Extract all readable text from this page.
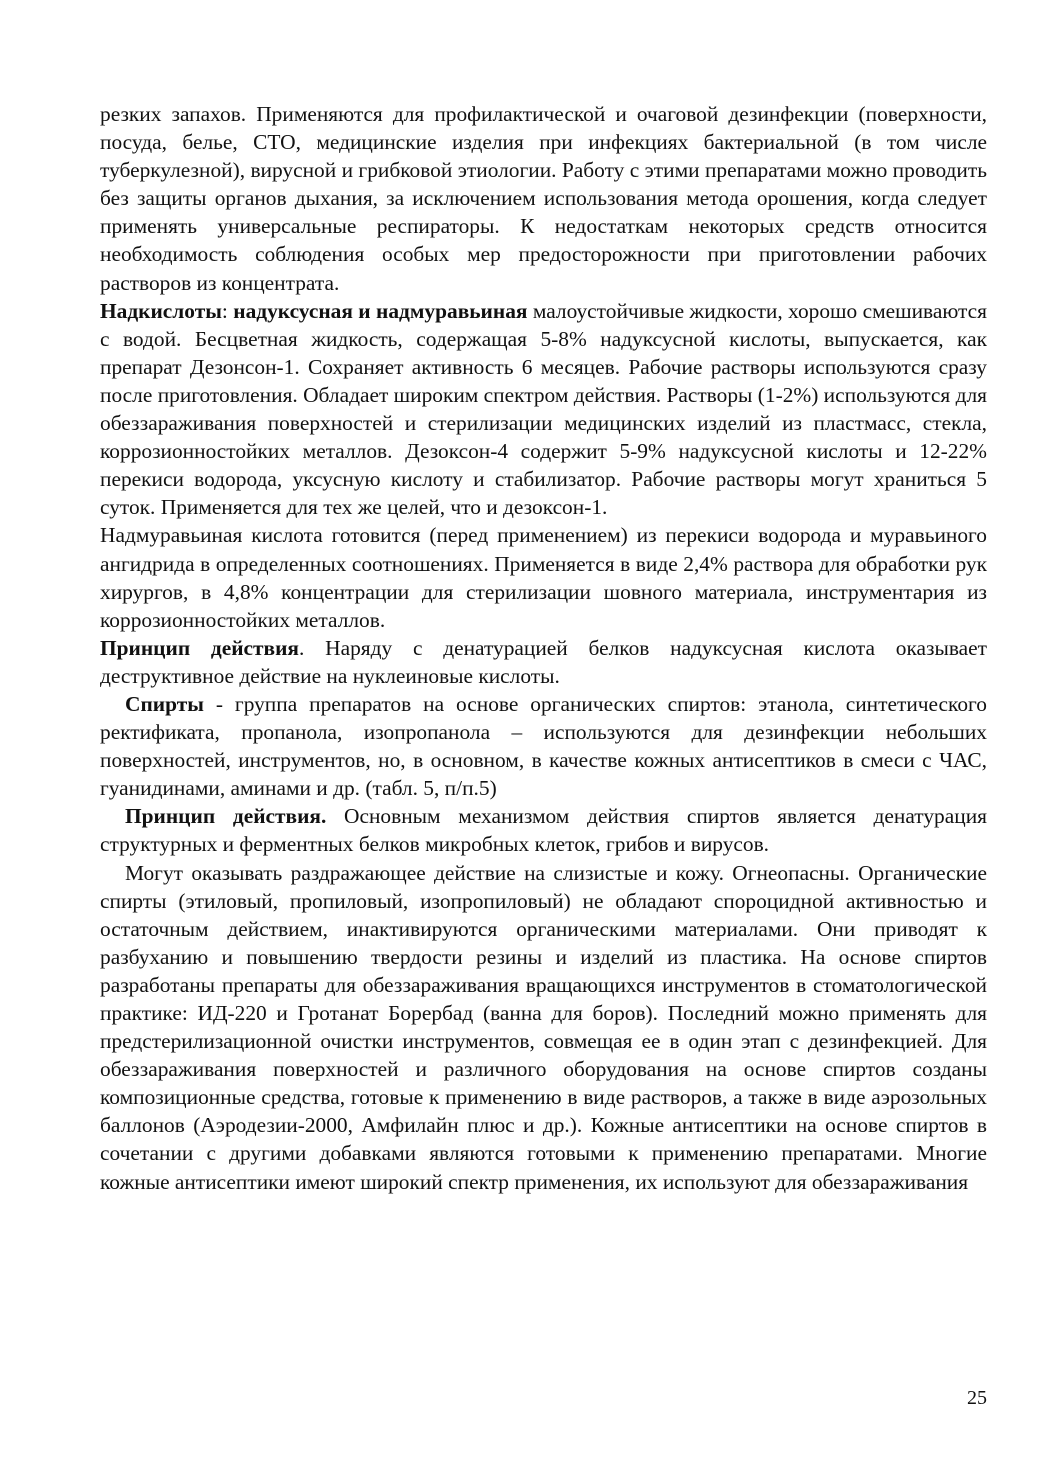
резких запахов. Применяются для профилактической и очаговой дезинфекции (поверхности, посуда, белье, СТО, медицинские изделия при инфекциях бактериальной (в том числе туберкулезной), вирусной и грибковой этиологии. Работу с этими препаратами можно проводить без защиты органов дыхания, за исключением использования метода орошения, когда следует применять универсальные респираторы. К недостаткам некоторых средств относится необходимость соблюдения особых мер предосторожности при приготовлении рабочих растворов из концентрата.

Надкислоты: надуксусная и надмуравьиная малоустойчивые жидкости, хорошо смешиваются с водой. Бесцветная жидкость, содержащая 5-8% надуксусной кислоты, выпускается, как препарат Дезонсон-1. Сохраняет активность 6 месяцев. Рабочие растворы используются сразу после приготовления. Обладает широким спектром действия. Растворы (1-2%) используются для обеззараживания поверхностей и стерилизации медицинских изделий из пластмасс, стекла, коррозионностойких металлов. Дезоксон-4 содержит 5-9% надуксусной кислоты и 12-22% перекиси водорода, уксусную кислоту и стабилизатор. Рабочие растворы могут храниться 5 суток. Применяется для тех же целей, что и дезоксон-1.

Надмуравьиная кислота готовится (перед применением) из перекиси водорода и муравьиного ангидрида в определенных соотношениях. Применяется в виде 2,4% раствора для обработки рук хирургов, в 4,8% концентрации для стерилизации шовного материала, инструментария из коррозионностойких металлов.

Принцип действия. Наряду с денатурацией белков надуксусная кислота оказывает деструктивное действие на нуклеиновые кислоты.

Спирты - группа препаратов на основе органических спиртов: этанола, синтетического ректификата, пропанола, изопропанола – используются для дезинфекции небольших поверхностей, инструментов, но, в основном, в качестве кожных антисептиков в смеси с ЧАС, гуанидинами, аминами и др. (табл. 5, п/п.5)

Принцип действия. Основным механизмом действия спиртов является денатурация структурных и ферментных белков микробных клеток, грибов и вирусов.

Могут оказывать раздражающее действие на слизистые и кожу. Огнеопасны. Органические спирты (этиловый, пропиловый, изопропиловый) не обладают спороцидной активностью и остаточным действием, инактивируются органическими материалами. Они приводят к разбуханию и повышению твердости резины и изделий из пластика. На основе спиртов разработаны препараты для обеззараживания вращающихся инструментов в стоматологической практике: ИД-220 и Гротанат Борербад (ванна для боров). Последний можно применять для предстерилизационной очистки инструментов, совмещая ее в один этап с дезинфекцией. Для обеззараживания поверхностей и различного оборудования на основе спиртов созданы композиционные средства, готовые к применению в виде растворов, а также в виде аэрозольных баллонов (Аэродезии-2000, Амфилайн плюс и др.). Кожные антисептики на основе спиртов в сочетании с другими добавками являются готовыми к применению препаратами. Многие кожные антисептики имеют широкий спектр применения, их используют для обеззараживания

25
